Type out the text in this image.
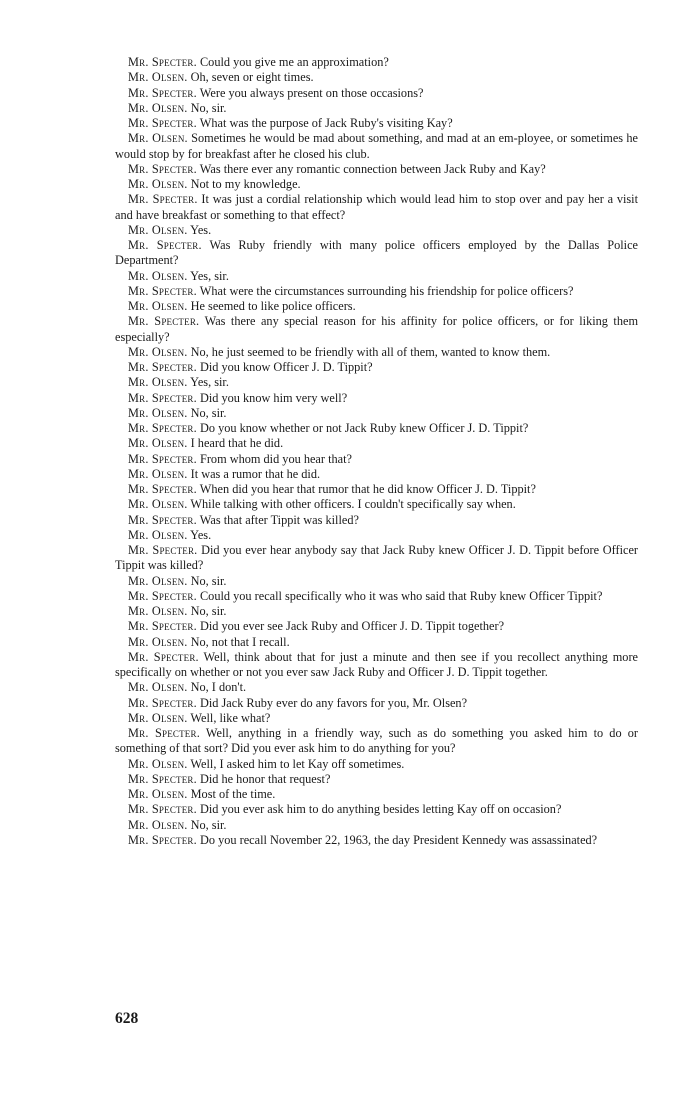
Mr. Specter. Could you give me an approximation?

Mr. Olsen. Oh, seven or eight times.

Mr. Specter. Were you always present on those occasions?

Mr. Olsen. No, sir.

Mr. Specter. What was the purpose of Jack Ruby's visiting Kay?

Mr. Olsen. Sometimes he would be mad about something, and mad at an em-ployee, or sometimes he would stop by for breakfast after he closed his club.

Mr. Specter. Was there ever any romantic connection between Jack Ruby and Kay?

Mr. Olsen. Not to my knowledge.

Mr. Specter. It was just a cordial relationship which would lead him to stop over and pay her a visit and have breakfast or something to that effect?

Mr. Olsen. Yes.

Mr. Specter. Was Ruby friendly with many police officers employed by the Dallas Police Department?

Mr. Olsen. Yes, sir.

Mr. Specter. What were the circumstances surrounding his friendship for police officers?

Mr. Olsen. He seemed to like police officers.

Mr. Specter. Was there any special reason for his affinity for police officers, or for liking them especially?

Mr. Olsen. No, he just seemed to be friendly with all of them, wanted to know them.

Mr. Specter. Did you know Officer J. D. Tippit?

Mr. Olsen. Yes, sir.

Mr. Specter. Did you know him very well?

Mr. Olsen. No, sir.

Mr. Specter. Do you know whether or not Jack Ruby knew Officer J. D. Tippit?

Mr. Olsen. I heard that he did.

Mr. Specter. From whom did you hear that?

Mr. Olsen. It was a rumor that he did.

Mr. Specter. When did you hear that rumor that he did know Officer J. D. Tippit?

Mr. Olsen. While talking with other officers. I couldn't specifically say when.

Mr. Specter. Was that after Tippit was killed?

Mr. Olsen. Yes.

Mr. Specter. Did you ever hear anybody say that Jack Ruby knew Officer J. D. Tippit before Officer Tippit was killed?

Mr. Olsen. No, sir.

Mr. Specter. Could you recall specifically who it was who said that Ruby knew Officer Tippit?

Mr. Olsen. No, sir.

Mr. Specter. Did you ever see Jack Ruby and Officer J. D. Tippit together?

Mr. Olsen. No, not that I recall.

Mr. Specter. Well, think about that for just a minute and then see if you recollect anything more specifically on whether or not you ever saw Jack Ruby and Officer J. D. Tippit together.

Mr. Olsen. No, I don't.

Mr. Specter. Did Jack Ruby ever do any favors for you, Mr. Olsen?

Mr. Olsen. Well, like what?

Mr. Specter. Well, anything in a friendly way, such as do something you asked him to do or something of that sort? Did you ever ask him to do anything for you?

Mr. Olsen. Well, I asked him to let Kay off sometimes.

Mr. Specter. Did he honor that request?

Mr. Olsen. Most of the time.

Mr. Specter. Did you ever ask him to do anything besides letting Kay off on occasion?

Mr. Olsen. No, sir.

Mr. Specter. Do you recall November 22, 1963, the day President Kennedy was assassinated?

628
